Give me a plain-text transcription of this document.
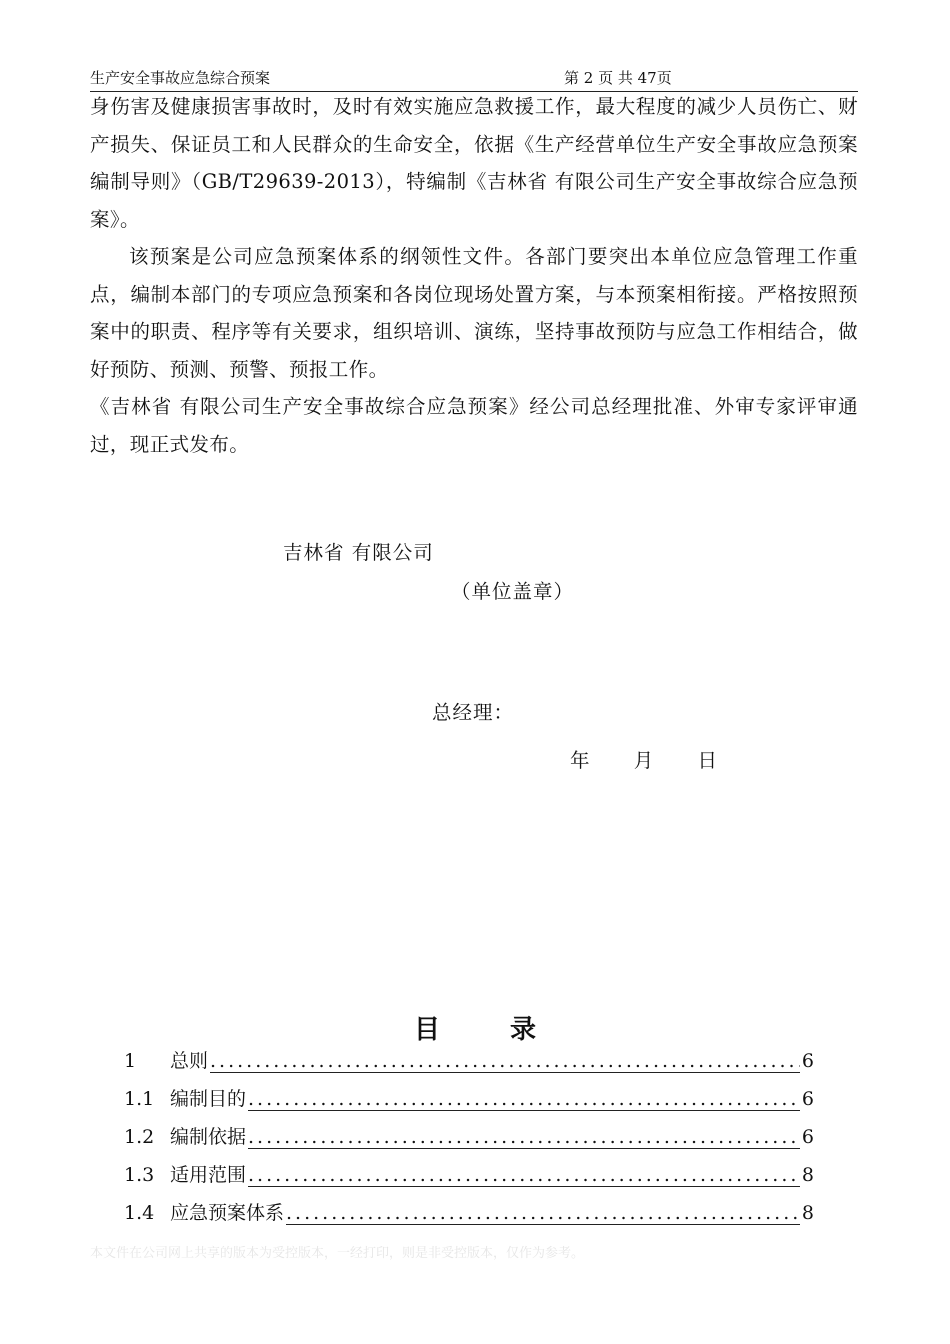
生产安全事故应急综合预案	第 2 页 共 47页

身伤害及健康损害事故时，及时有效实施应急救援工作，最大程度的减少人员伤亡、财产损失、保证员工和人民群众的生命安全，依据《生产经营单位生产安全事故应急预案编制导则》（GB/T29639-2013），特编制《吉林省 有限公司生产安全事故综合应急预案》。

该预案是公司应急预案体系的纲领性文件。各部门要突出本单位应急管理工作重点，编制本部门的专项应急预案和各岗位现场处置方案，与本预案相衔接。严格按照预案中的职责、程序等有关要求，组织培训、演练，坚持事故预防与应急工作相结合，做好预防、预测、预警、预报工作。

《吉林省 有限公司生产安全事故综合应急预案》经公司总经理批准、外审专家评审通过，现正式发布。

吉林省 有限公司
（单位盖章）
总经理：
年 月 日
目录
1	总则 .....	6
1.1 编制目的 .....	6
1.2 编制依据 .....	6
1.3 适用范围 .....	8
1.4 应急预案体系 .....	8
本文件在公司网上共享的版本为受控版本，一经打印，则是非受控版本，仅作为参考。
